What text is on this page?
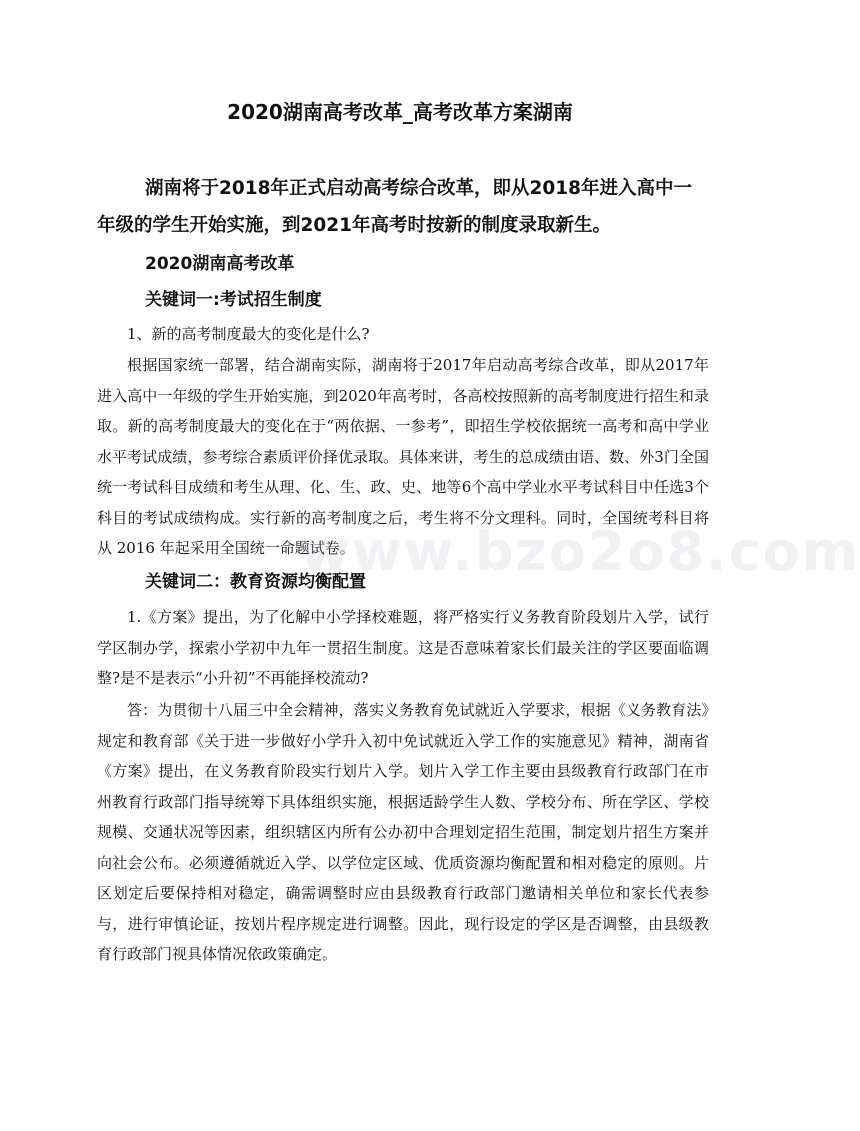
2020湖南高考改革_高考改革方案湖南

湖南将于2018年正式启动高考综合改革，即从2018年进入高中一年级的学生开始实施，到2021年高考时按新的制度录取新生。

2020湖南高考改革
关键词一:考试招生制度

1、新的高考制度最大的变化是什么?

根据国家统一部署，结合湖南实际，湖南将于2017年启动高考综合改革，即从2017年进入高中一年级的学生开始实施，到2020年高考时，各高校按照新的高考制度进行招生和录取。新的高考制度最大的变化在于“两依据、一参考”，即招生学校依据统一高考和高中学业水平考试成绩，参考综合素质评价择优录取。具体来讲，考生的总成绩由语、数、外3门全国统一考试科目成绩和考生从理、化、生、政、史、地等6个高中学业水平考试科目中任选3个科目的考试成绩构成。实行新的高考制度之后，考生将不分文理科。同时，全国统考科目将从 2016 年起采用全国统一命题试卷。

关键词二：教育资源均衡配置

1.《方案》提出，为了化解中小学择校难题，将严格实行义务教育阶段划片入学，试行学区制办学，探索小学初中九年一贯招生制度。这是否意味着家长们最关注的学区要面临调整?是不是表示“小升初”不再能择校流动?

答：为贯彻十八届三中全会精神，落实义务教育免试就近入学要求，根据《义务教育法》规定和教育部《关于进一步做好小学升入初中免试就近入学工作的实施意见》精神，湖南省《方案》提出，在义务教育阶段实行划片入学。划片入学工作主要由县级教育行政部门在市州教育行政部门指导统筹下具体组织实施，根据适龄学生人数、学校分布、所在学区、学校规模、交通状况等因素，组织辖区内所有公办初中合理划定招生范围，制定划片招生方案并向社会公布。必须遵循就近入学、以学位定区域、优质资源均衡配置和相对稳定的原则。片区划定后要保持相对稳定，确需调整时应由县级教育行政部门邀请相关单位和家长代表参与，进行审慎论证，按划片程序规定进行调整。因此，现行设定的学区是否调整，由县级教育行政部门视具体情况依政策确定。

www.bzo2o8.com
